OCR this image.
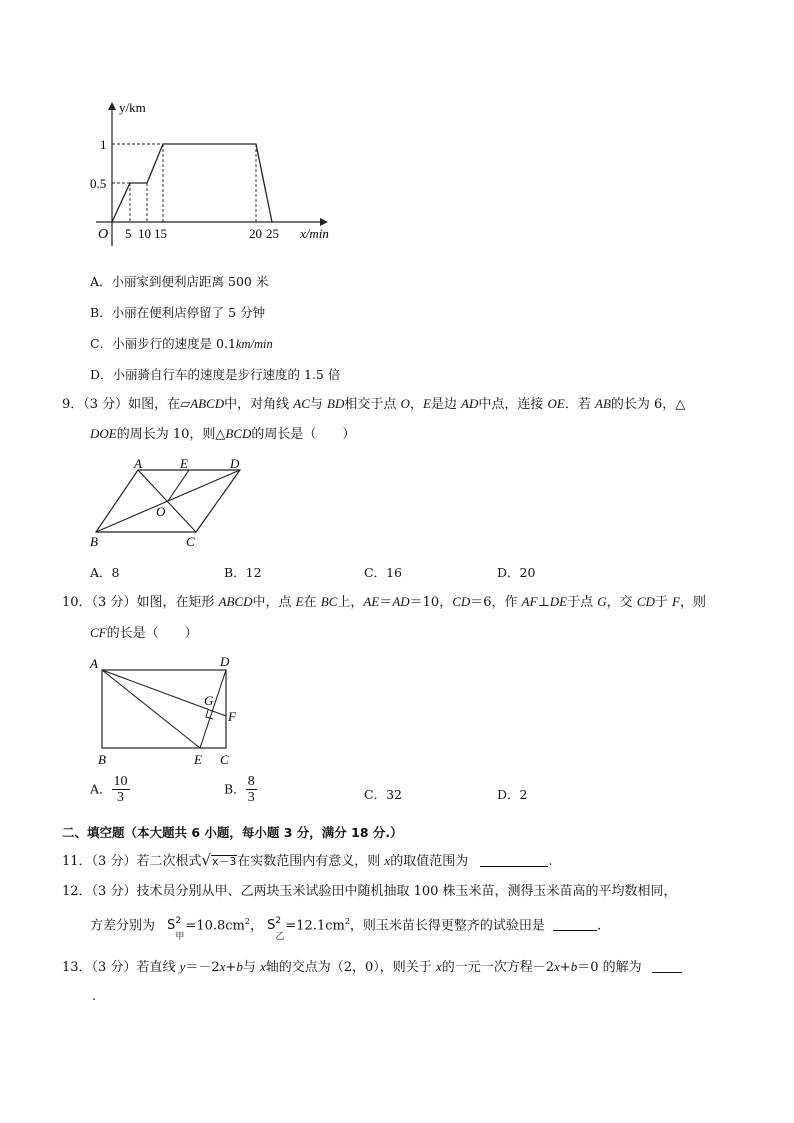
y/km
x/min
O
1
0.5
5 10 15	20 25
A．小丽家到便利店距离 500 米
B．小丽在便利店停留了 5 分钟
C．小丽步行的速度是 0.1km/min
D．小丽骑自行车的速度是步行速度的 1.5 倍
9．（3 分）如图，在▱ABCD中，对角线 AC与 BD相交于点 O，E是边 AD中点，连接 OE．若 AB的长为 6，△
DOE的周长为 10，则△BCD的周长是（　　）
A	E	D
O
B	C
A．8	B．12	C．16	D．20
10．（3 分）如图，在矩形 ABCD中，点 E在 BC上，AE＝AD＝10，CD＝6，作 AF⊥DE于点 G，交 CD于 F，则
CF的长是（　　）
A	D
G
F
B	E C
A． $\frac{10}{3}$	B． $\frac{8}{3}$	C．32	D．2
二、填空题（本大题共 6 小题，每小题 3 分，满分 18 分.）
11．（3 分）若二次根式√x－3在实数范围内有意义，则 x的取值范围为	.
12．（3 分）技术员分别从甲、乙两块玉米试验田中随机抽取 100 株玉米苗，测得玉米苗高的平均数相同，
方差分别为 S 2
甲
$=10.8cm^2$， S 2
乙
$=12.1cm^2$，则玉米苗长得更整齐的试验田是	.
13．（3 分）若直线 y＝－2x+b与 x轴的交点为（2，0），则关于 x的一元一次方程－2x+b＝0 的解为
.
